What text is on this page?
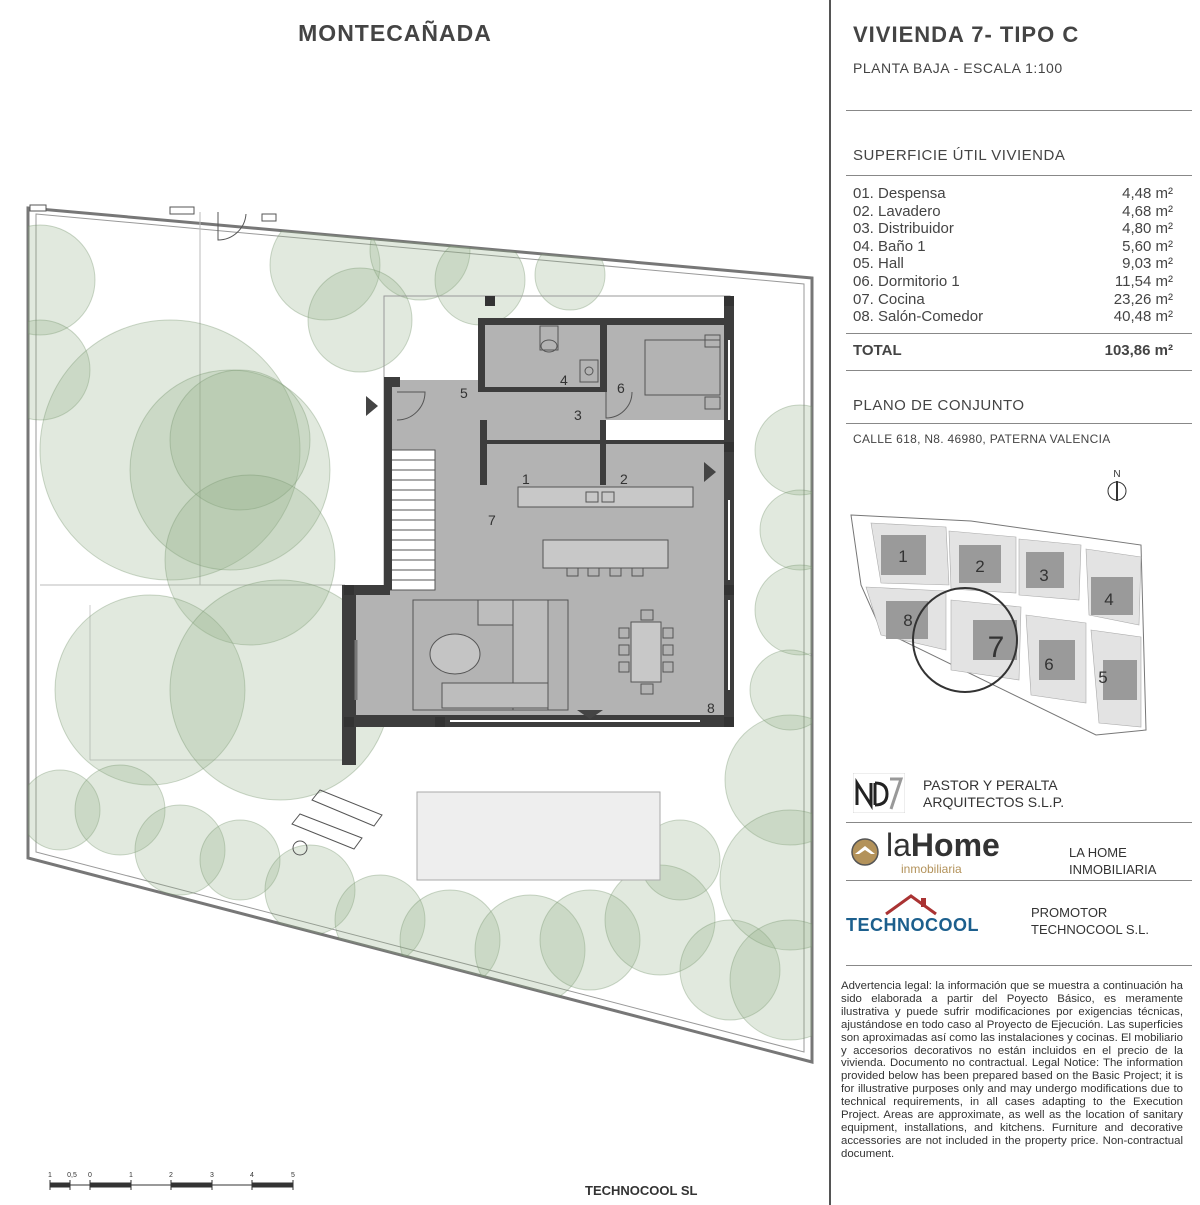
MONTECAÑADA
1	2
3
4
5	6
7
8
1 0,5 0	1	2	3	4	5
TECHNOCOOL SL
VIVIENDA 7- TIPO C
PLANTA BAJA - ESCALA 1:100
SUPERFICIE ÚTIL VIVIENDA
01. Despensa	4,48 m²
02. Lavadero	4,68 m²
03. Distribuidor	4,80 m²
04. Baño 1	5,60 m²
05. Hall	9,03 m²
06. Dormitorio 1	11,54 m²
07. Cocina	23,26 m²
08. Salón-Comedor	40,48 m²
TOTAL	103,86 m²
PLANO DE CONJUNTO
CALLE 618, N8. 46980, PATERNA VALENCIA
N
1
2	3
4
8
7
6
5
PASTOR Y PERALTA
ARQUITECTOS S.L.P.
laHome
inmobiliaria
LA HOME
INMOBILIARIA
TECHNOCOOL
PROMOTOR
TECHNOCOOL S.L.
Advertencia legal: la información que se muestra a continuación ha sido elaborada a partir del Poyecto Básico, es meramente ilustrativa y puede sufrir modificaciones por exigencias técnicas, ajustándose en todo caso al Proyecto de Ejecución. Las superficies son aproximadas así como las instalaciones y cocinas. El mobiliario y accesorios decorativos no están incluidos en el precio de la vivienda. Documento no contractual. Legal Notice: The information provided below has been prepared based on the Basic Project; it is for illustrative purposes only and may undergo modifications due to technical requirements, in all cases adapting to the Execution Project. Areas are approximate, as well as the location of sanitary equipment, installations, and kitchens. Furniture and decorative accessories are not included in the property price. Non-contractual document.
